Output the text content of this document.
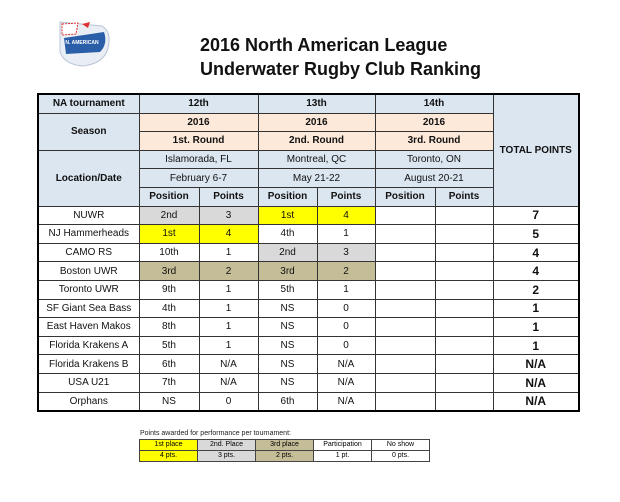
N. AMERICAN	2016 North American League
Underwater Rugby Club Ranking
NA tournament	12th		13th		14th		TOTAL POINTS
Season	2016		2016		2016		
	1st. Round		2nd. Round		3rd. Round		
Location/Date	Islamorada, FL		Montreal, QC		Toronto, ON		
	February 6-7		May 21-22		August 20-21		
	Position	Points	Position	Points	Position	Points	
NUWR	2nd	3	1st	4			7
NJ Hammerheads	1st	4	4th	1			5
CAMO RS	10th	1	2nd	3			4
Boston UWR	3rd	2	3rd	2			4
Toronto UWR	9th	1	5th	1			2
SF Giant Sea Bass	4th	1	NS	0			1
East Haven Makos	8th	1	NS	0			1
Florida Krakens A	5th	1	NS	0			1
Florida Krakens B	6th	N/A	NS	N/A			N/A
USA U21	7th	N/A	NS	N/A			N/A
Orphans	NS	0	6th	N/A			N/A
Points awarded for performance per tournament:
1st place	2nd. Place	3rd place	Participation	No show
4 pts.	3 pts.	2 pts.	1 pt.	0 pts.
